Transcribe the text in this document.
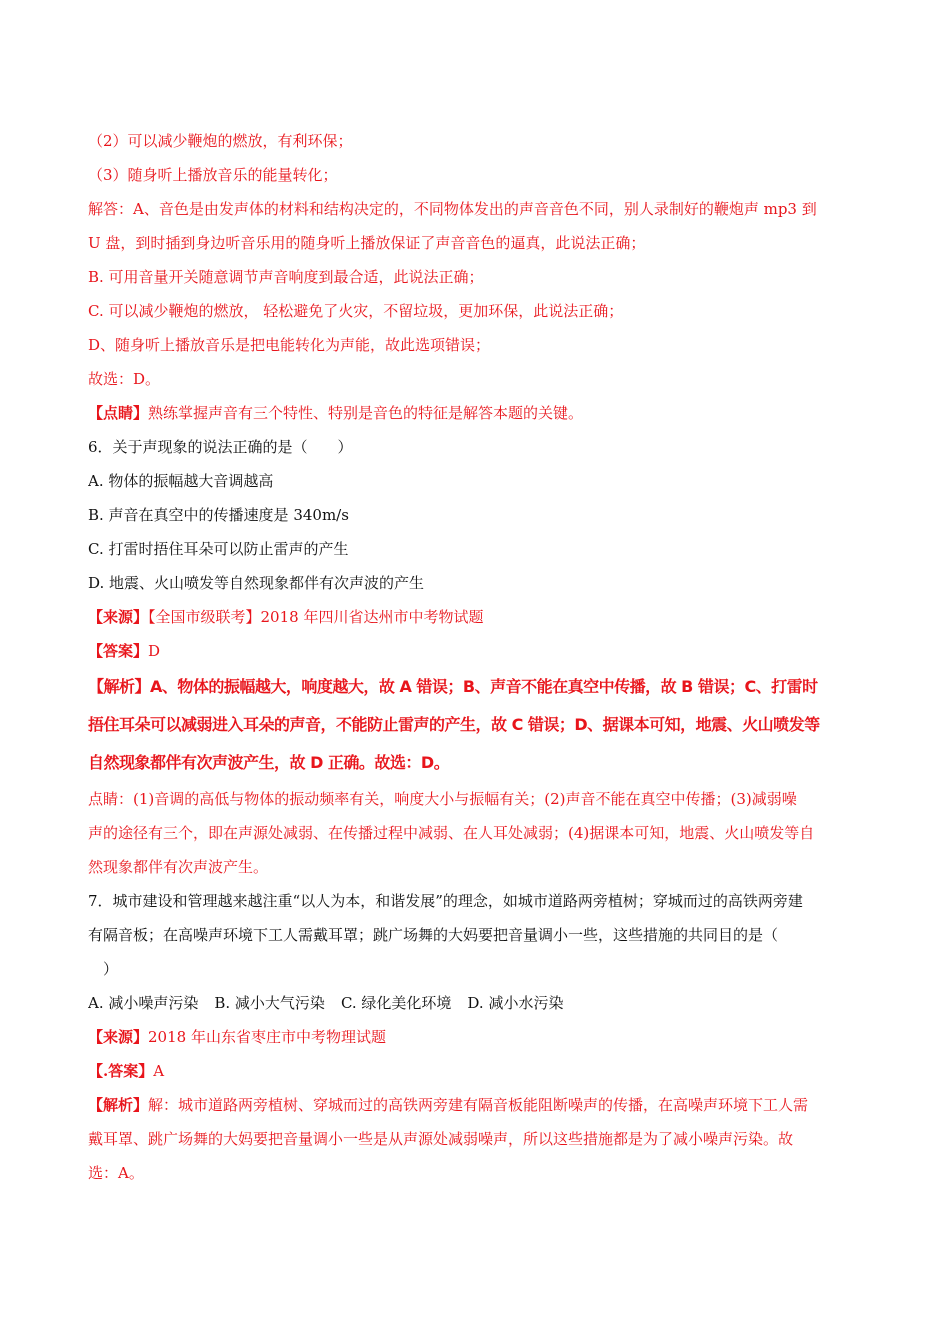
（2）可以减少鞭炮的燃放，有利环保；
（3）随身听上播放音乐的能量转化；
解答：A、音色是由发声体的材料和结构决定的，不同物体发出的声音音色不同，别人录制好的鞭炮声 mp3 到
U 盘，到时插到身边听音乐用的随身听上播放保证了声音音色的逼真，此说法正确；
B. 可用音量开关随意调节声音响度到最合适，此说法正确；
C. 可以减少鞭炮的燃放， 轻松避免了火灾，不留垃圾，更加环保，此说法正确；
D、随身听上播放音乐是把电能转化为声能，故此选项错误；
故选：D。
【点睛】熟练掌握声音有三个特性、特别是音色的特征是解答本题的关键。
6．关于声现象的说法正确的是（　　）
A. 物体的振幅越大音调越高
B. 声音在真空中的传播速度是 340m/s
C. 打雷时捂住耳朵可以防止雷声的产生
D. 地震、火山喷发等自然现象都伴有次声波的产生
【来源】【全国市级联考】2018 年四川省达州市中考物试题
【答案】D
【解析】A、物体的振幅越大，响度越大，故 A 错误；B、声音不能在真空中传播，故 B 错误；C、打雷时
捂住耳朵可以减弱进入耳朵的声音，不能防止雷声的产生，故 C 错误；D、据课本可知，地震、火山喷发等
自然现象都伴有次声波产生，故 D 正确。故选：D。
点睛：(1)音调的高低与物体的振动频率有关，响度大小与振幅有关；(2)声音不能在真空中传播；(3)减弱噪
声的途径有三个，即在声源处减弱、在传播过程中减弱、在人耳处减弱；(4)据课本可知，地震、火山喷发等自
然现象都伴有次声波产生。
7．城市建设和管理越来越注重“以人为本，和谐发展”的理念，如城市道路两旁植树；穿城而过的高铁两旁建
有隔音板；在高噪声环境下工人需戴耳罩；跳广场舞的大妈要把音量调小一些，这些措施的共同目的是（
　）
A. 减小噪声污染 B. 减小大气污染 C. 绿化美化环境 D. 减小水污染
【来源】2018 年山东省枣庄市中考物理试题
【.答案】A
【解析】解：城市道路两旁植树、穿城而过的高铁两旁建有隔音板能阻断噪声的传播，在高噪声环境下工人需
戴耳罩、跳广场舞的大妈要把音量调小一些是从声源处减弱噪声，所以这些措施都是为了减小噪声污染。故
选：A。
